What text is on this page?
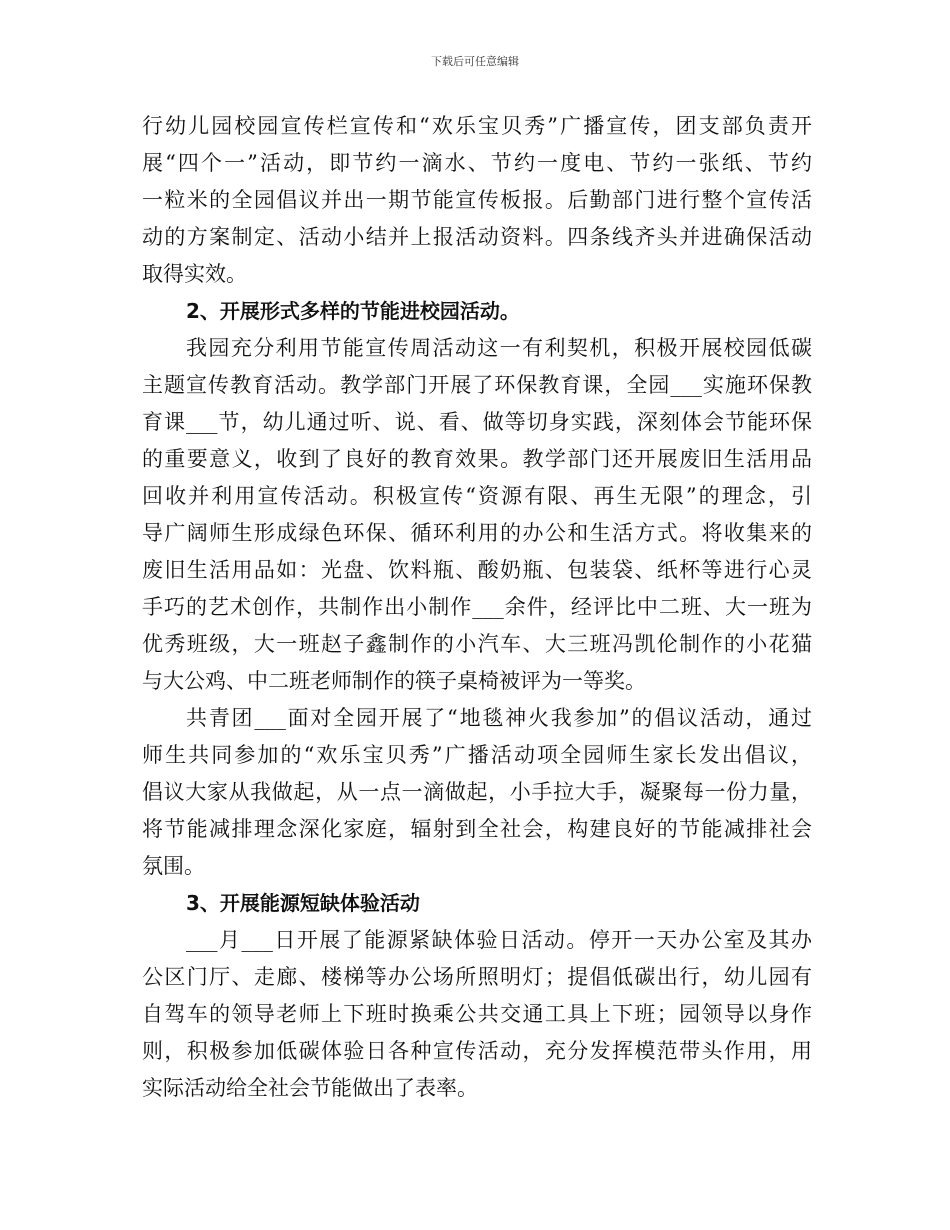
下载后可任意编辑
行幼儿园校园宣传栏宣传和“欢乐宝贝秀”广播宣传，团支部负责开
展“四个一”活动，即节约一滴水、节约一度电、节约一张纸、节约
一粒米的全园倡议并出一期节能宣传板报。后勤部门进行整个宣传活
动的方案制定、活动小结并上报活动资料。四条线齐头并进确保活动
取得实效。
2、开展形式多样的节能进校园活动。
我园充分利用节能宣传周活动这一有利契机，积极开展校园低碳
主题宣传教育活动。教学部门开展了环保教育课，全园___实施环保教
育课___节，幼儿通过听、说、看、做等切身实践，深刻体会节能环保
的重要意义，收到了良好的教育效果。教学部门还开展废旧生活用品
回收并利用宣传活动。积极宣传“资源有限、再生无限”的理念，引
导广阔师生形成绿色环保、循环利用的办公和生活方式。将收集来的
废旧生活用品如：光盘、饮料瓶、酸奶瓶、包装袋、纸杯等进行心灵
手巧的艺术创作，共制作出小制作___余件，经评比中二班、大一班为
优秀班级，大一班赵子鑫制作的小汽车、大三班冯凯伦制作的小花猫
与大公鸡、中二班老师制作的筷子桌椅被评为一等奖。
共青团___面对全园开展了“地毯神火我参加”的倡议活动，通过
师生共同参加的“欢乐宝贝秀”广播活动项全园师生家长发出倡议，
倡议大家从我做起，从一点一滴做起，小手拉大手，凝聚每一份力量，
将节能减排理念深化家庭，辐射到全社会，构建良好的节能减排社会
氛围。
3、开展能源短缺体验活动
___月___日开展了能源紧缺体验日活动。停开一天办公室及其办
公区门厅、走廊、楼梯等办公场所照明灯；提倡低碳出行，幼儿园有
自驾车的领导老师上下班时换乘公共交通工具上下班；园领导以身作
则，积极参加低碳体验日各种宣传活动，充分发挥模范带头作用，用
实际活动给全社会节能做出了表率。
